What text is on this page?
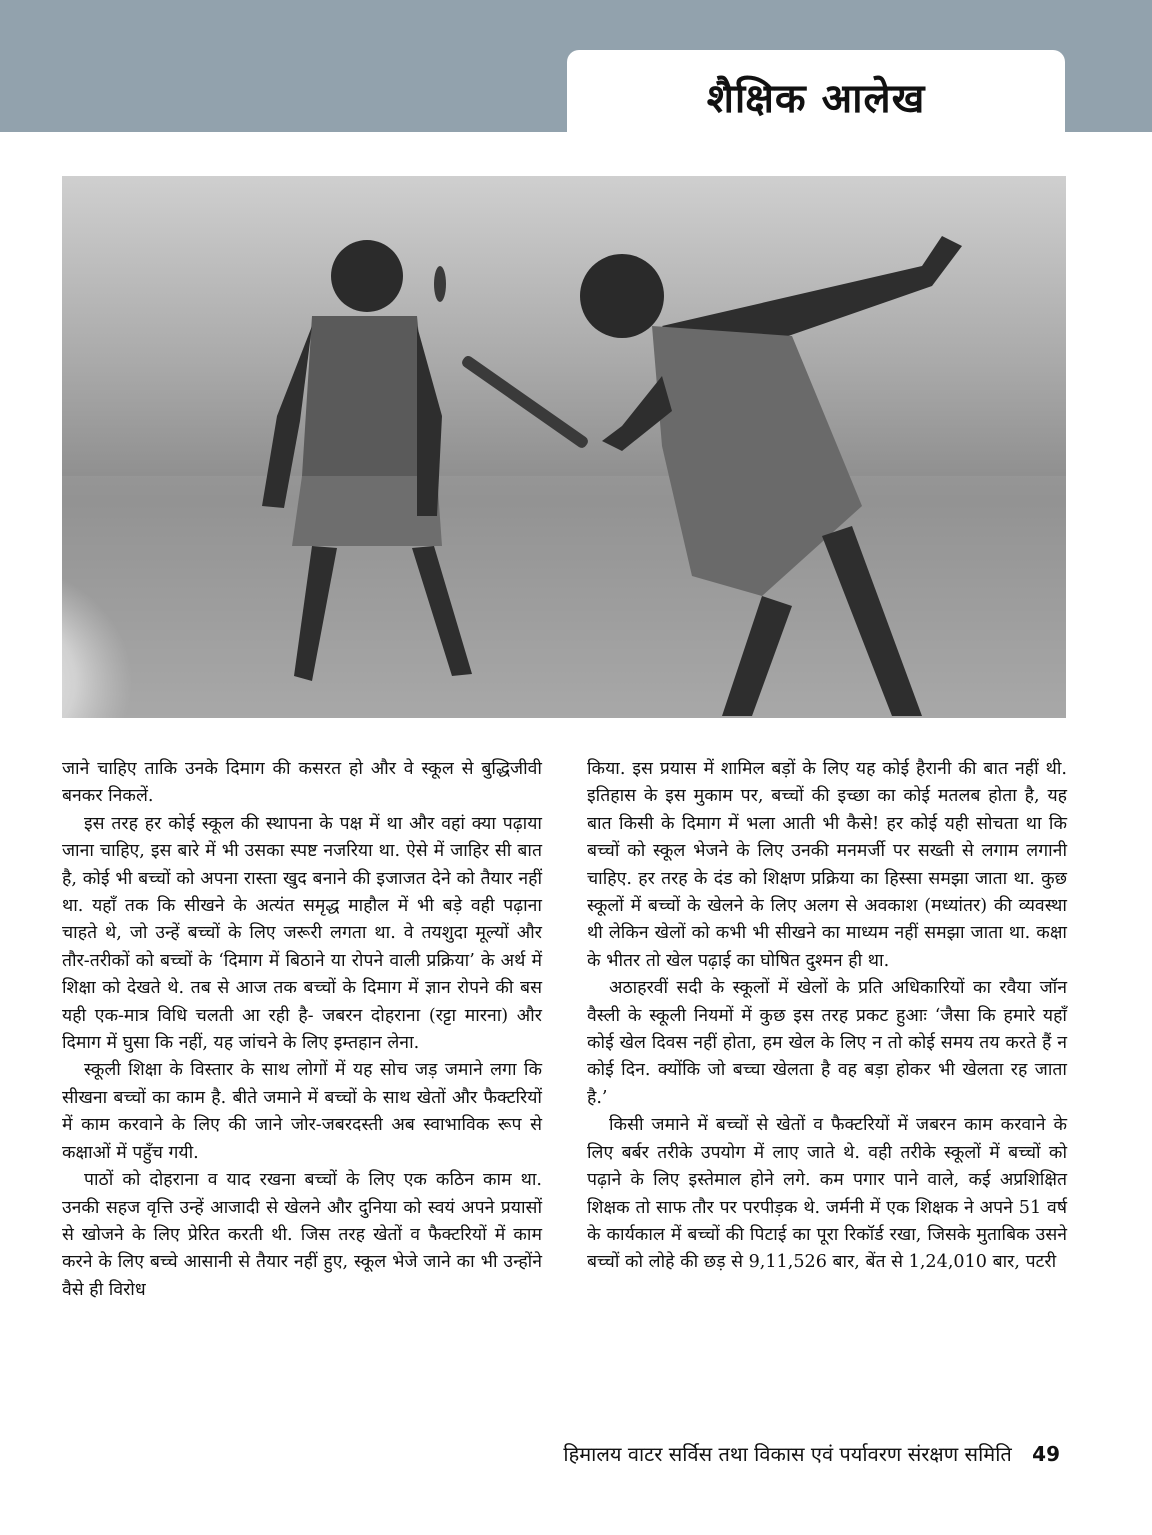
शैक्षिक आलेख

जाने चाहिए ताकि उनके दिमाग की कसरत हो और वे स्कूल से बुद्धिजीवी बनकर निकलें.

इस तरह हर कोई स्कूल की स्थापना के पक्ष में था और वहां क्या पढ़ाया जाना चाहिए, इस बारे में भी उसका स्पष्ट नजरिया था. ऐसे में जाहिर सी बात है, कोई भी बच्चों को अपना रास्ता खुद बनाने की इजाजत देने को तैयार नहीं था. यहाँ तक कि सीखने के अत्यंत समृद्ध माहौल में भी बड़े वही पढ़ाना चाहते थे, जो उन्हें बच्चों के लिए जरूरी लगता था. वे तयशुदा मूल्यों और तौर-तरीकों को बच्चों के ‘दिमाग में बिठाने या रोपने वाली प्रक्रिया’ के अर्थ में शिक्षा को देखते थे. तब से आज तक बच्चों के दिमाग में ज्ञान रोपने की बस यही एक-मात्र विधि चलती आ रही है- जबरन दोहराना (रट्टा मारना) और दिमाग में घुसा कि नहीं, यह जांचने के लिए इम्तहान लेना.

स्कूली शिक्षा के विस्तार के साथ लोगों में यह सोच जड़ जमाने लगा कि सीखना बच्चों का काम है. बीते जमाने में बच्चों के साथ खेतों और फैक्टरियों में काम करवाने के लिए की जाने जोर-जबरदस्ती अब स्वाभाविक रूप से कक्षाओं में पहुँच गयी.

पाठों को दोहराना व याद रखना बच्चों के लिए एक कठिन काम था. उनकी सहज वृत्ति उन्हें आजादी से खेलने और दुनिया को स्वयं अपने प्रयासों से खोजने के लिए प्रेरित करती थी. जिस तरह खेतों व फैक्टरियों में काम करने के लिए बच्चे आसानी से तैयार नहीं हुए, स्कूल भेजे जाने का भी उन्होंने वैसे ही विरोध

किया. इस प्रयास में शामिल बड़ों के लिए यह कोई हैरानी की बात नहीं थी. इतिहास के इस मुकाम पर, बच्चों की इच्छा का कोई मतलब होता है, यह बात किसी के दिमाग में भला आती भी कैसे! हर कोई यही सोचता था कि बच्चों को स्कूल भेजने के लिए उनकी मनमर्जी पर सख्ती से लगाम लगानी चाहिए. हर तरह के दंड को शिक्षण प्रक्रिया का हिस्सा समझा जाता था. कुछ स्कूलों में बच्चों के खेलने के लिए अलग से अवकाश (मध्यांतर) की व्यवस्था थी लेकिन खेलों को कभी भी सीखने का माध्यम नहीं समझा जाता था. कक्षा के भीतर तो खेल पढ़ाई का घोषित दुश्मन ही था.

अठाहरवीं सदी के स्कूलों में खेलों के प्रति अधिकारियों का रवैया जॉन वैस्ली के स्कूली नियमों में कुछ इस तरह प्रकट हुआः ‘जैसा कि हमारे यहाँ कोई खेल दिवस नहीं होता, हम खेल के लिए न तो कोई समय तय करते हैं न कोई दिन. क्योंकि जो बच्चा खेलता है वह बड़ा होकर भी खेलता रह जाता है.’

किसी जमाने में बच्चों से खेतों व फैक्टरियों में जबरन काम करवाने के लिए बर्बर तरीके उपयोग में लाए जाते थे. वही तरीके स्कूलों में बच्चों को पढ़ाने के लिए इस्तेमाल होने लगे. कम पगार पाने वाले, कई अप्रशिक्षित शिक्षक तो साफ तौर पर परपीड़क थे. जर्मनी में एक शिक्षक ने अपने 51 वर्ष के कार्यकाल में बच्चों की पिटाई का पूरा रिकॉर्ड रखा, जिसके मुताबिक उसने बच्चों को लोहे की छड़ से 9,11,526 बार, बेंत से 1,24,010 बार, पटरी

हिमालय वाटर सर्विस तथा विकास एवं पर्यावरण संरक्षण समिति 49
